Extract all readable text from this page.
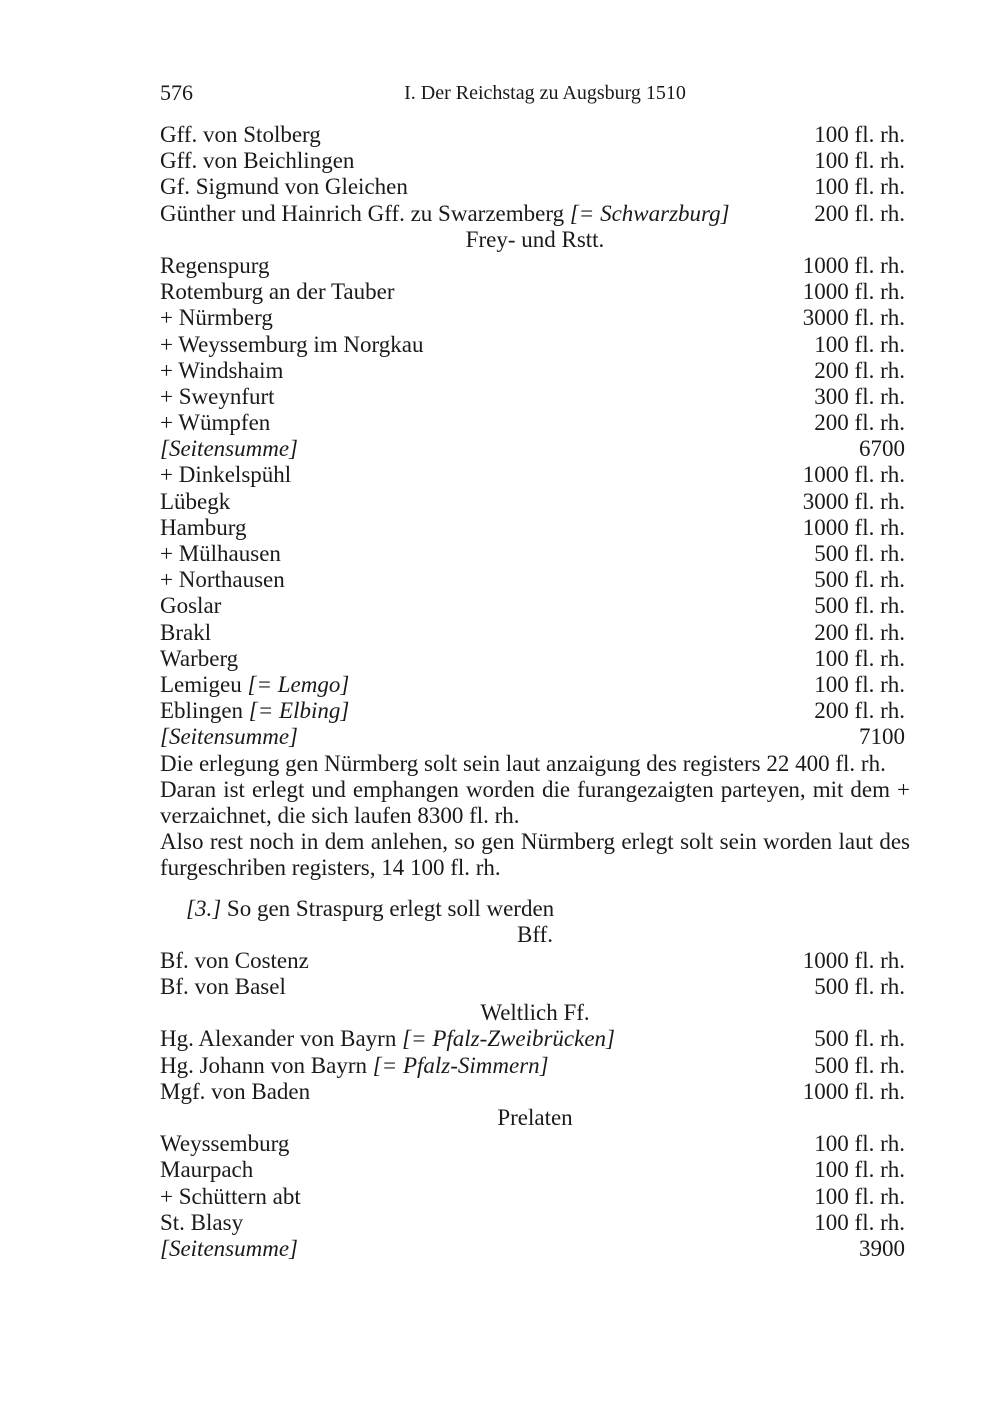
576	I. Der Reichstag zu Augsburg 1510
Gff. von Stolberg	100 fl. rh.
Gff. von Beichlingen	100 fl. rh.
Gf. Sigmund von Gleichen	100 fl. rh.
Günther und Hainrich Gff. zu Swarzemberg [= Schwarzburg]	200 fl. rh.
Frey- und Rstt.
Regenspurg	1000 fl. rh.
Rotemburg an der Tauber	1000 fl. rh.
+ Nürmberg	3000 fl. rh.
+ Weyssemburg im Norgkau	100 fl. rh.
+ Windshaim	200 fl. rh.
+ Sweynfurt	300 fl. rh.
+ Wümpfen	200 fl. rh.
[Seitensumme]	6700
+ Dinkelspühl	1000 fl. rh.
Lübegk	3000 fl. rh.
Hamburg	1000 fl. rh.
+ Mülhausen	500 fl. rh.
+ Northausen	500 fl. rh.
Goslar	500 fl. rh.
Brakl	200 fl. rh.
Warberg	100 fl. rh.
Lemigeu [= Lemgo]	100 fl. rh.
Eblingen [= Elbing]	200 fl. rh.
[Seitensumme]	7100
Die erlegung gen Nürmberg solt sein laut anzaigung des registers 22 400 fl. rh.
Daran ist erlegt und emphangen worden die furangezaigten parteyen, mit dem + verzaichnet, die sich laufen 8300 fl. rh.
Also rest noch in dem anlehen, so gen Nürmberg erlegt solt sein worden laut des furgeschriben registers, 14 100 fl. rh.
[3.] So gen Straspurg erlegt soll werden
Bff.
Bf. von Costenz	1000 fl. rh.
Bf. von Basel	500 fl. rh.
Weltlich Ff.
Hg. Alexander von Bayrn [= Pfalz-Zweibrücken]	500 fl. rh.
Hg. Johann von Bayrn [= Pfalz-Simmern]	500 fl. rh.
Mgf. von Baden	1000 fl. rh.
Prelaten
Weyssemburg	100 fl. rh.
Maurpach	100 fl. rh.
+ Schüttern abt	100 fl. rh.
St. Blasy	100 fl. rh.
[Seitensumme]	3900
